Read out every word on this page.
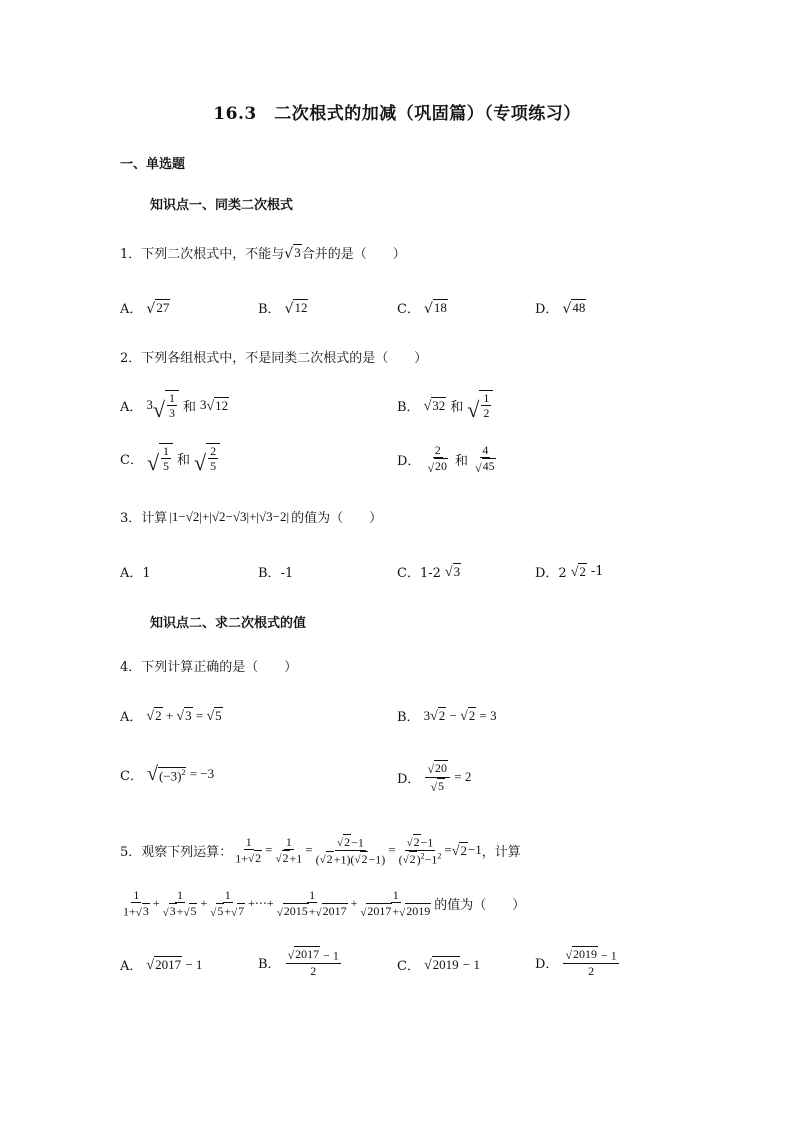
16.3　二次根式的加减（巩固篇）（专项练习）
一、单选题
知识点一、同类二次根式
1．下列二次根式中，不能与 √ 3 合并的是（　　）
A． √ 27	B． √ 12	C． √ 18	D． √ 48
2．下列各组根式中，不是同类二次根式的是（　　）
A． 3 √ $\frac{1}{3}$ 和 3 √ 12	B． √ 32 和 √ $\frac{1}{2}$
C． √ $\frac{1}{5}$ 和 √ $\frac{2}{5}$	D． $\frac{2}{√ 20}$ 和 $\frac{4}{√ 45}$
3．计算 |1−√2|+|√2−√3|+|√3−2| 的值为（　　）
A．1	B．-1	C．1-2 √ 3	D．2 √ 2 -1
知识点二、求二次根式的值
4．下列计算正确的是（　　）
A． √ 2 + √ 3 = √ 5	B． 3 √ 2 − √ 2 = 3
C． √ $(-3)^2 = -3$	D． $\frac{√ 20}{√ 5} = 2$
5．观察下列运算： $\frac{1}{1+ √ 2} = \frac{1}{√ 2 +1} = \frac{√ 2 -1}{( √ 2 +1)( √ 2 -1)} = \frac{√ 2 -1}{( √ 2 )^2-1^2}$ = √ 2 −1 ，计算
$\frac{1}{1+ √ 3} + \frac{1}{√ 3 + √ 5} + \frac{1}{√ 5 + √ 7}$ +⋯+ $\frac{1}{√ 2015 + √ 2017} + \frac{1}{√ 2017 + √ 2019}$ 的值为（　　）
A． √ 2017 − 1	B． $\frac{√ 2017 - 1}{2}$	C． √ 2019 − 1	D． $\frac{√ 2019 - 1}{2}$
